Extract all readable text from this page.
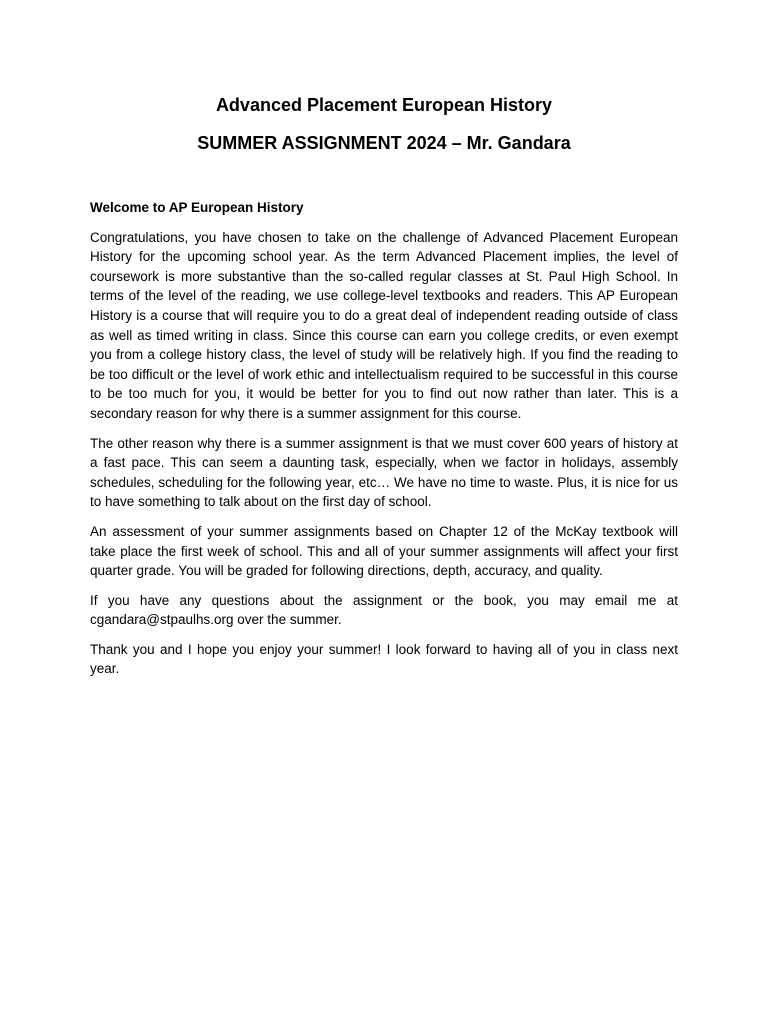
Advanced Placement European History
SUMMER ASSIGNMENT 2024 – Mr. Gandara

Welcome to AP European History

Congratulations, you have chosen to take on the challenge of Advanced Placement European History for the upcoming school year. As the term Advanced Placement implies, the level of coursework is more substantive than the so-called regular classes at St. Paul High School. In terms of the level of the reading, we use college-level textbooks and readers. This AP European History is a course that will require you to do a great deal of independent reading outside of class as well as timed writing in class. Since this course can earn you college credits, or even exempt you from a college history class, the level of study will be relatively high. If you find the reading to be too difficult or the level of work ethic and intellectualism required to be successful in this course to be too much for you, it would be better for you to find out now rather than later. This is a secondary reason for why there is a summer assignment for this course.

The other reason why there is a summer assignment is that we must cover 600 years of history at a fast pace. This can seem a daunting task, especially, when we factor in holidays, assembly schedules, scheduling for the following year, etc… We have no time to waste. Plus, it is nice for us to have something to talk about on the first day of school.

An assessment of your summer assignments based on Chapter 12 of the McKay textbook will take place the first week of school. This and all of your summer assignments will affect your first quarter grade. You will be graded for following directions, depth, accuracy, and quality.

If you have any questions about the assignment or the book, you may email me at cgandara@stpaulhs.org over the summer.

Thank you and I hope you enjoy your summer! I look forward to having all of you in class next year.
